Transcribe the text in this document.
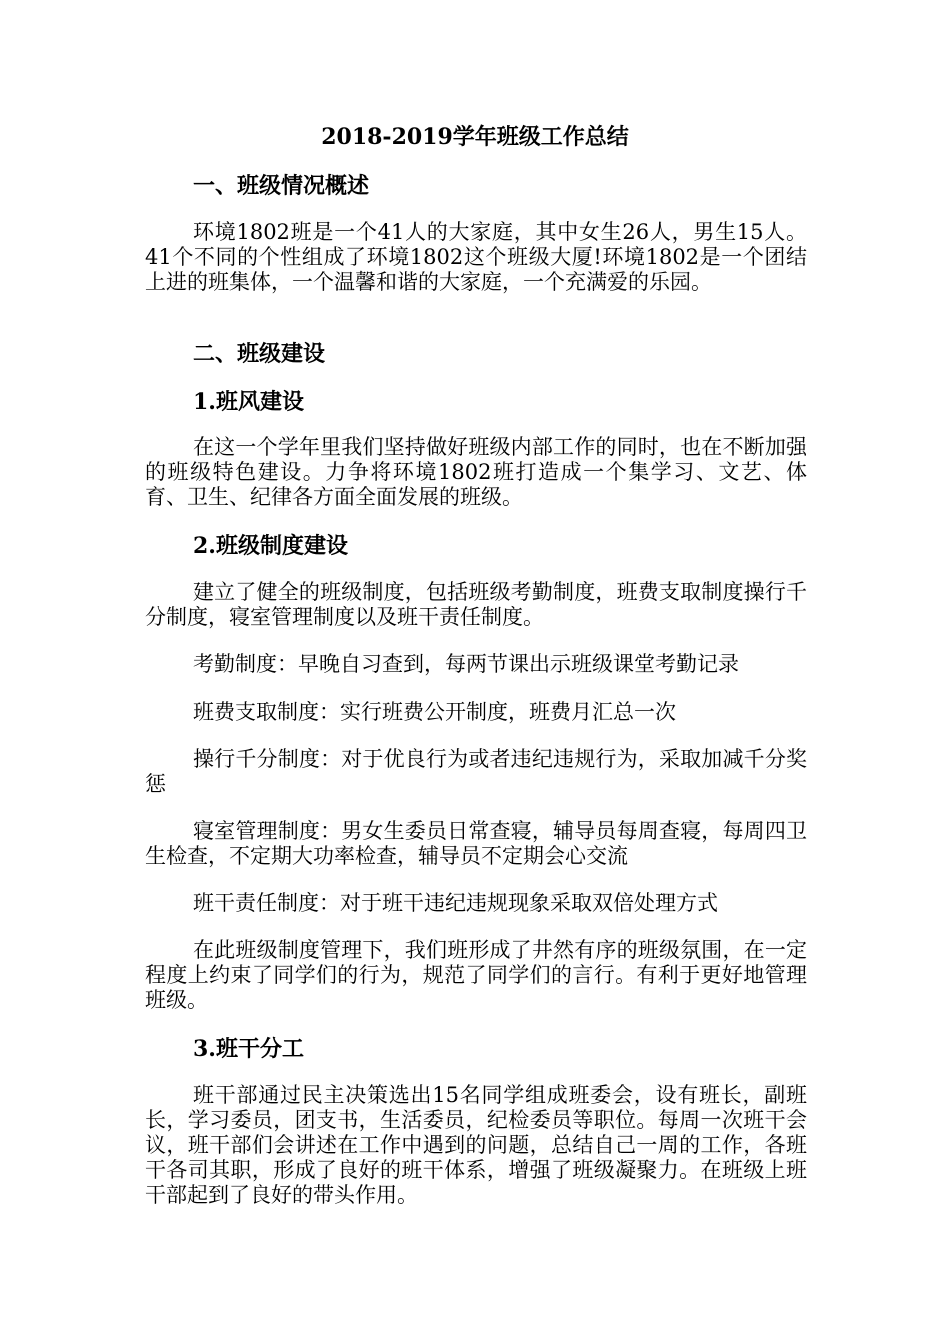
2018-2019学年班级工作总结
一、班级情况概述

环境1802班是一个41人的大家庭，其中女生26人，男生15人。41个不同的个性组成了环境1802这个班级大厦!环境1802是一个团结上进的班集体，一个温馨和谐的大家庭，一个充满爱的乐园。

二、班级建设
1.班风建设

在这一个学年里我们坚持做好班级内部工作的同时，也在不断加强的班级特色建设。力争将环境1802班打造成一个集学习、文艺、体育、卫生、纪律各方面全面发展的班级。

2.班级制度建设

建立了健全的班级制度，包括班级考勤制度，班费支取制度操行千分制度，寝室管理制度以及班干责任制度。

考勤制度：早晚自习查到，每两节课出示班级课堂考勤记录

班费支取制度：实行班费公开制度，班费月汇总一次

操行千分制度：对于优良行为或者违纪违规行为，采取加减千分奖惩

寝室管理制度：男女生委员日常查寝，辅导员每周查寝，每周四卫生检查，不定期大功率检查，辅导员不定期会心交流

班干责任制度：对于班干违纪违规现象采取双倍处理方式

在此班级制度管理下，我们班形成了井然有序的班级氛围，在一定程度上约束了同学们的行为，规范了同学们的言行。有利于更好地管理班级。

3.班干分工

班干部通过民主决策选出15名同学组成班委会，设有班长，副班长，学习委员，团支书，生活委员，纪检委员等职位。每周一次班干会议，班干部们会讲述在工作中遇到的问题，总结自己一周的工作，各班干各司其职，形成了良好的班干体系，增强了班级凝聚力。在班级上班干部起到了良好的带头作用。
